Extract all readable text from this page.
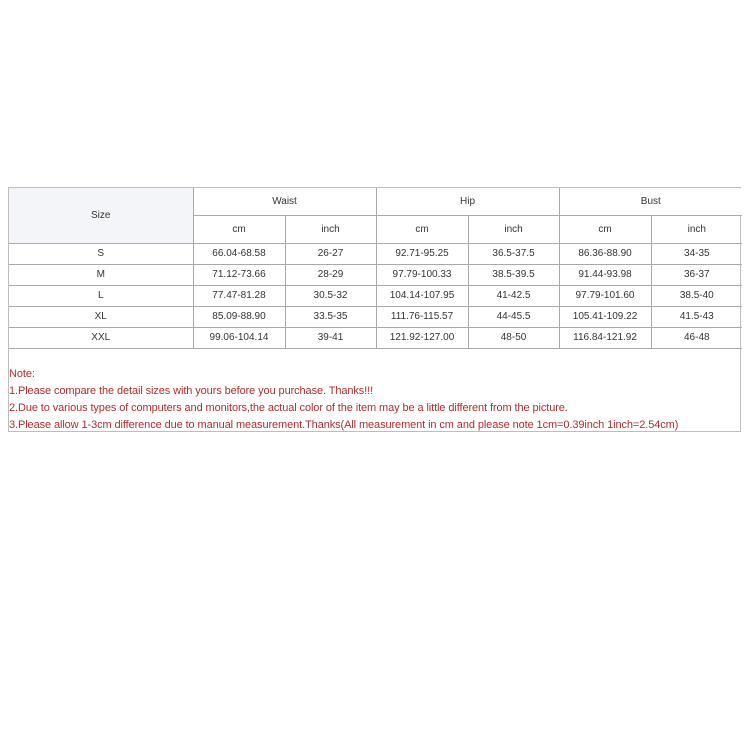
Size	Waist		Hip		Bust	
	cm	inch	cm	inch	cm	inch
S	66.04-68.58	26-27	92.71-95.25	36.5-37.5	86.36-88.90	34-35
M	71.12-73.66	28-29	97.79-100.33	38.5-39.5	91.44-93.98	36-37
L	77.47-81.28	30.5-32	104.14-107.95	41-42.5	97.79-101.60	38.5-40
XL	85.09-88.90	33.5-35	111.76-115.57	44-45.5	105.41-109.22	41.5-43
XXL	99.06-104.14	39-41	121.92-127.00	48-50	116.84-121.92	46-48
Note:
1.Please compare the detail sizes with yours before you purchase. Thanks!!!
2.Due to various types of computers and monitors,the actual color of the item may be a little different from the picture.
3.Please allow 1-3cm difference due to manual measurement.Thanks(All measurement in cm and please note 1cm=0.39inch 1inch=2.54cm)
